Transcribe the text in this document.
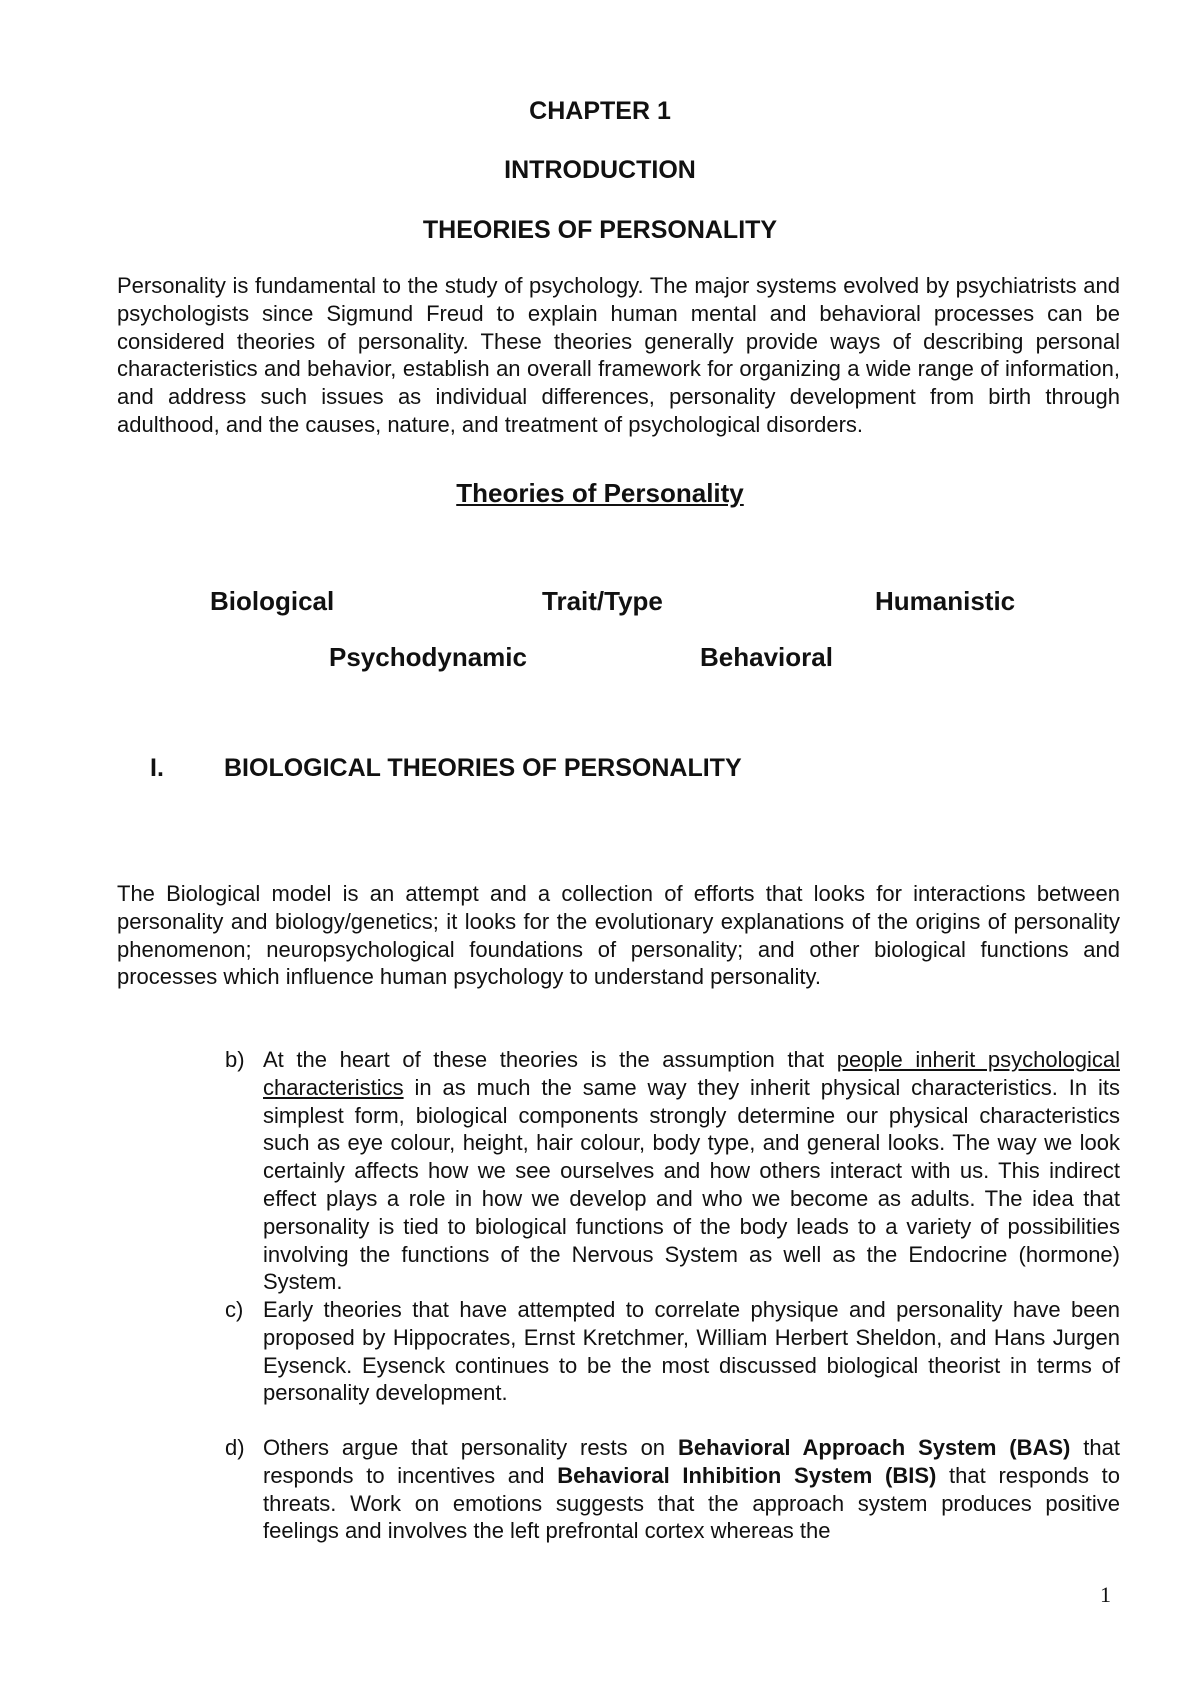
CHAPTER 1
INTRODUCTION
THEORIES OF PERSONALITY

Personality is fundamental to the study of psychology. The major systems evolved by psychiatrists and psychologists since Sigmund Freud to explain human mental and behavioral processes can be considered theories of personality. These theories generally provide ways of describing personal characteristics and behavior, establish an overall framework for organizing a wide range of information, and address such issues as individual differences, personality development from birth through adulthood, and the causes, nature, and treatment of psychological disorders.

Theories of Personality
Biological	Trait/Type	Humanistic
Psychodynamic	Behavioral
I. BIOLOGICAL THEORIES OF PERSONALITY

The Biological model is an attempt and a collection of efforts that looks for interactions between personality and biology/genetics; it looks for the evolutionary explanations of the origins of personality phenomenon; neuropsychological foundations of personality; and other biological functions and processes which influence human psychology to understand personality.

b) At the heart of these theories is the assumption that people inherit psychological characteristics in as much the same way they inherit physical characteristics. In its simplest form, biological components strongly determine our physical characteristics such as eye colour, height, hair colour, body type, and general looks. The way we look certainly affects how we see ourselves and how others interact with us. This indirect effect plays a role in how we develop and who we become as adults. The idea that personality is tied to biological functions of the body leads to a variety of possibilities involving the functions of the Nervous System as well as the Endocrine (hormone) System.
c) Early theories that have attempted to correlate physique and personality have been proposed by Hippocrates, Ernst Kretchmer, William Herbert Sheldon, and Hans Jurgen Eysenck. Eysenck continues to be the most discussed biological theorist in terms of personality development.
d) Others argue that personality rests on Behavioral Approach System (BAS) that responds to incentives and Behavioral Inhibition System (BIS) that responds to threats. Work on emotions suggests that the approach system produces positive feelings and involves the left prefrontal cortex whereas the
1
